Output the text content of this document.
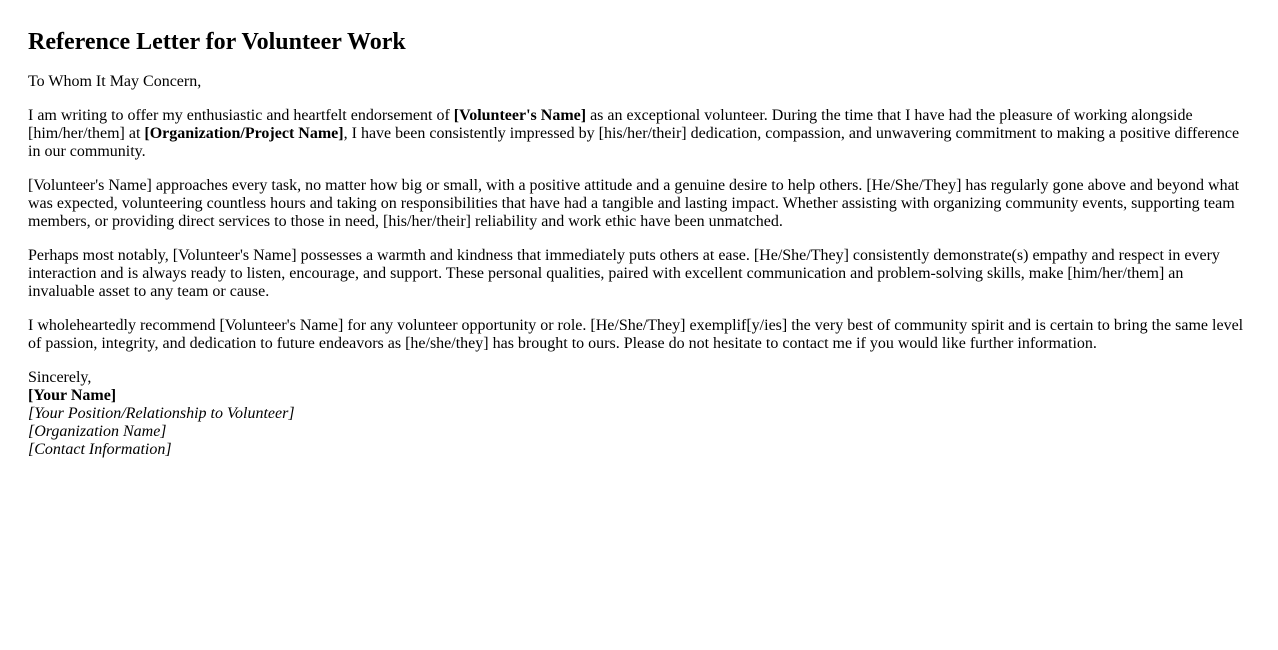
Reference Letter for Volunteer Work

To Whom It May Concern,

I am writing to offer my enthusiastic and heartfelt endorsement of [Volunteer's Name] as an exceptional volunteer. During the time that I have had the pleasure of working alongside [him/her/them] at [Organization/Project Name], I have been consistently impressed by [his/her/their] dedication, compassion, and unwavering commitment to making a positive difference in our community.

[Volunteer's Name] approaches every task, no matter how big or small, with a positive attitude and a genuine desire to help others. [He/She/They] has regularly gone above and beyond what was expected, volunteering countless hours and taking on responsibilities that have had a tangible and lasting impact. Whether assisting with organizing community events, supporting team members, or providing direct services to those in need, [his/her/their] reliability and work ethic have been unmatched.

Perhaps most notably, [Volunteer's Name] possesses a warmth and kindness that immediately puts others at ease. [He/She/They] consistently demonstrate(s) empathy and respect in every interaction and is always ready to listen, encourage, and support. These personal qualities, paired with excellent communication and problem-solving skills, make [him/her/them] an invaluable asset to any team or cause.

I wholeheartedly recommend [Volunteer's Name] for any volunteer opportunity or role. [He/She/They] exemplif[y/ies] the very best of community spirit and is certain to bring the same level of passion, integrity, and dedication to future endeavors as [he/she/they] has brought to ours. Please do not hesitate to contact me if you would like further information.

Sincerely,
[Your Name]
[Your Position/Relationship to Volunteer]
[Organization Name]
[Contact Information]
